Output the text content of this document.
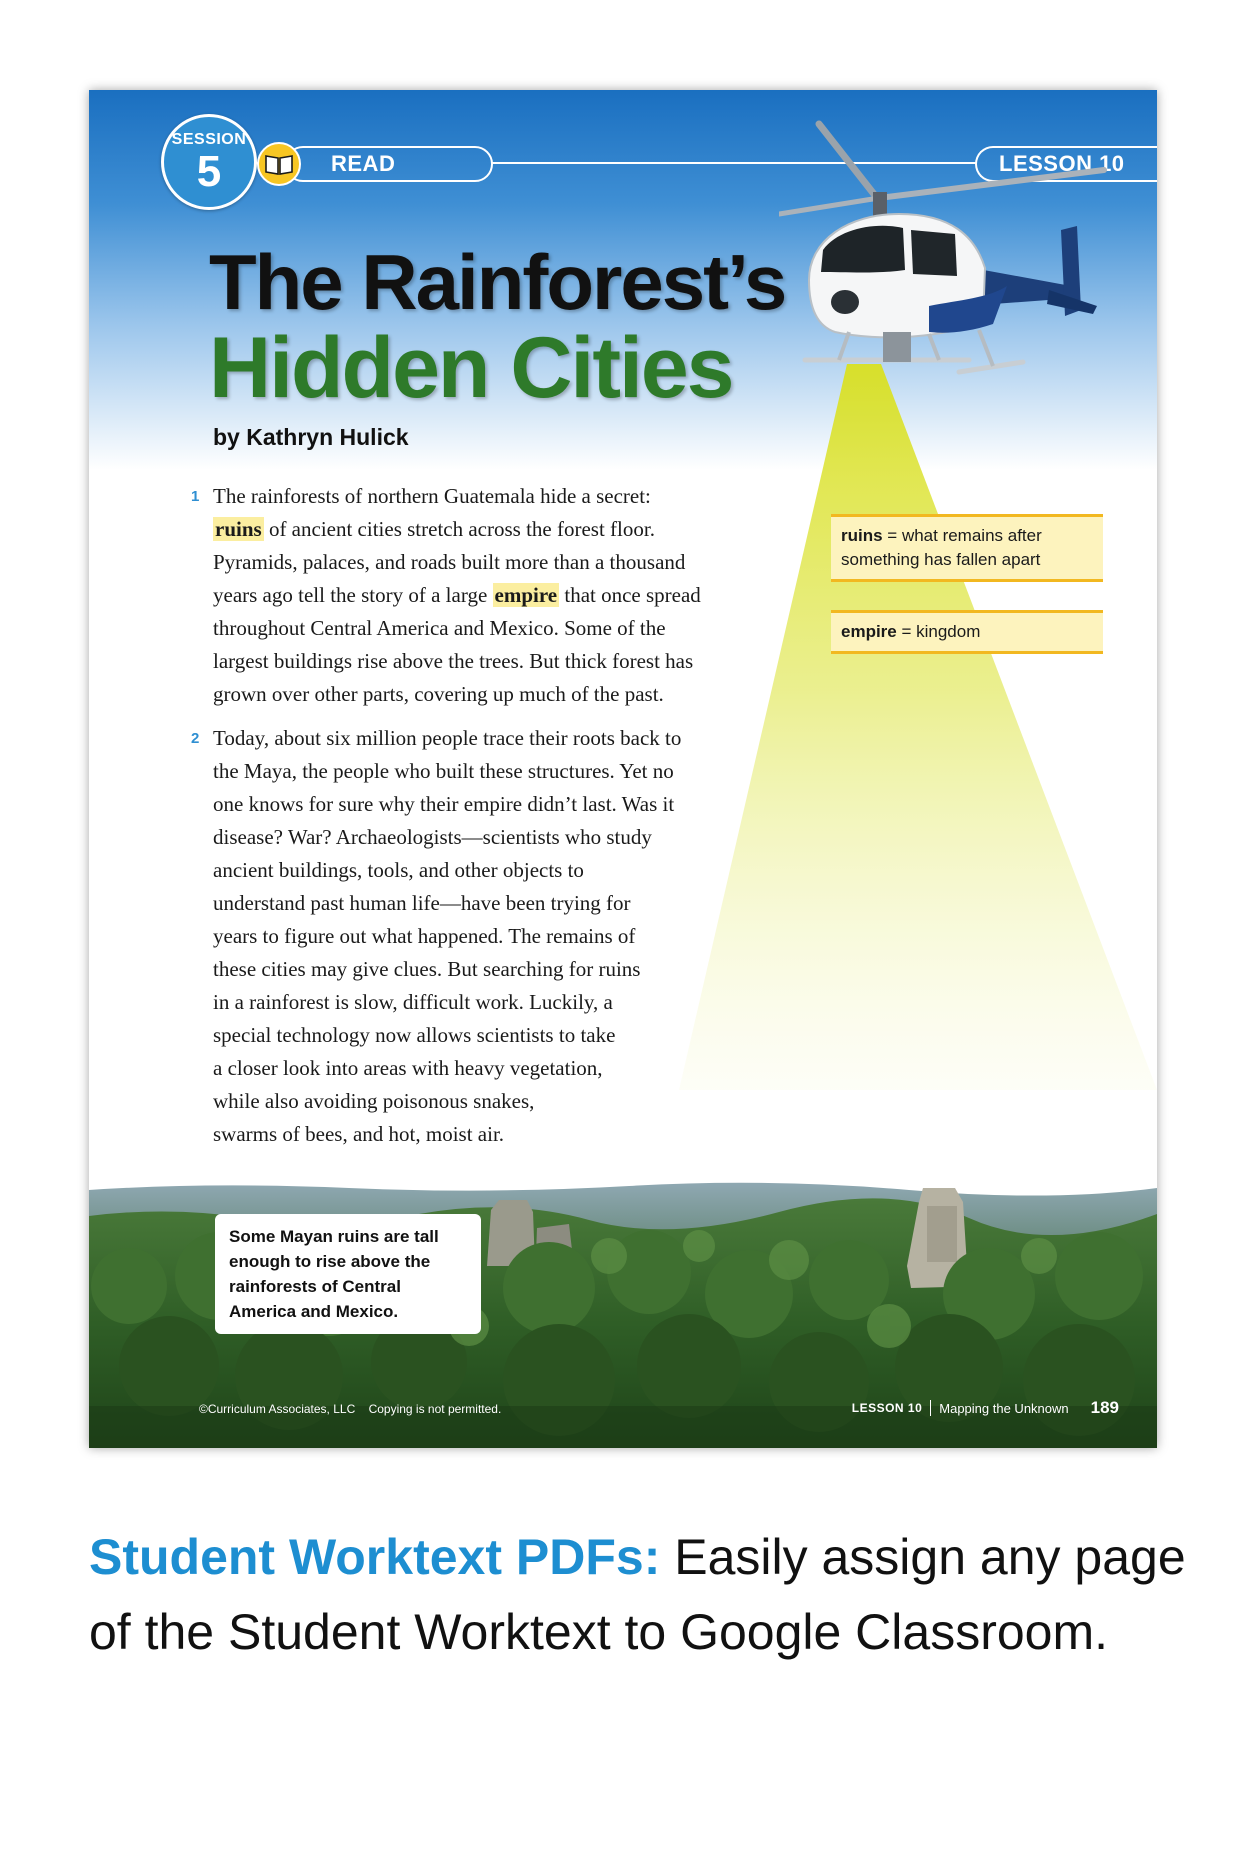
SESSION
5	READ	LESSON 10
The Rainforest’s
Hidden Cities
by Kathryn Hulick
1 The rainforests of northern Guatemala hide a secret:
ruins of ancient cities stretch across the forest floor.
Pyramids, palaces, and roads built more than a thousand
years ago tell the story of a large empire that once spread
throughout Central America and Mexico. Some of the
largest buildings rise above the trees. But thick forest has
grown over other parts, covering up much of the past.
2 Today, about six million people trace their roots back to
the Maya, the people who built these structures. Yet no
one knows for sure why their empire didn’t last. Was it
disease? War? Archaeologists—scientists who study
ancient buildings, tools, and other objects to
understand past human life—have been trying for
years to figure out what happened. The remains of
these cities may give clues. But searching for ruins
in a rainforest is slow, difficult work. Luckily, a
special technology now allows scientists to take
a closer look into areas with heavy vegetation,
while also avoiding poisonous snakes,
swarms of bees, and hot, moist air.
ruins = what remains after something has fallen apart
empire = kingdom
Some Mayan ruins are tall enough to rise above the rainforests of Central America and Mexico.
©Curriculum Associates, LLC    Copying is not permitted.	LESSON 10 Mapping the Unknown 189
Student Worktext PDFs: Easily assign any page of the Student Worktext to Google Classroom.
